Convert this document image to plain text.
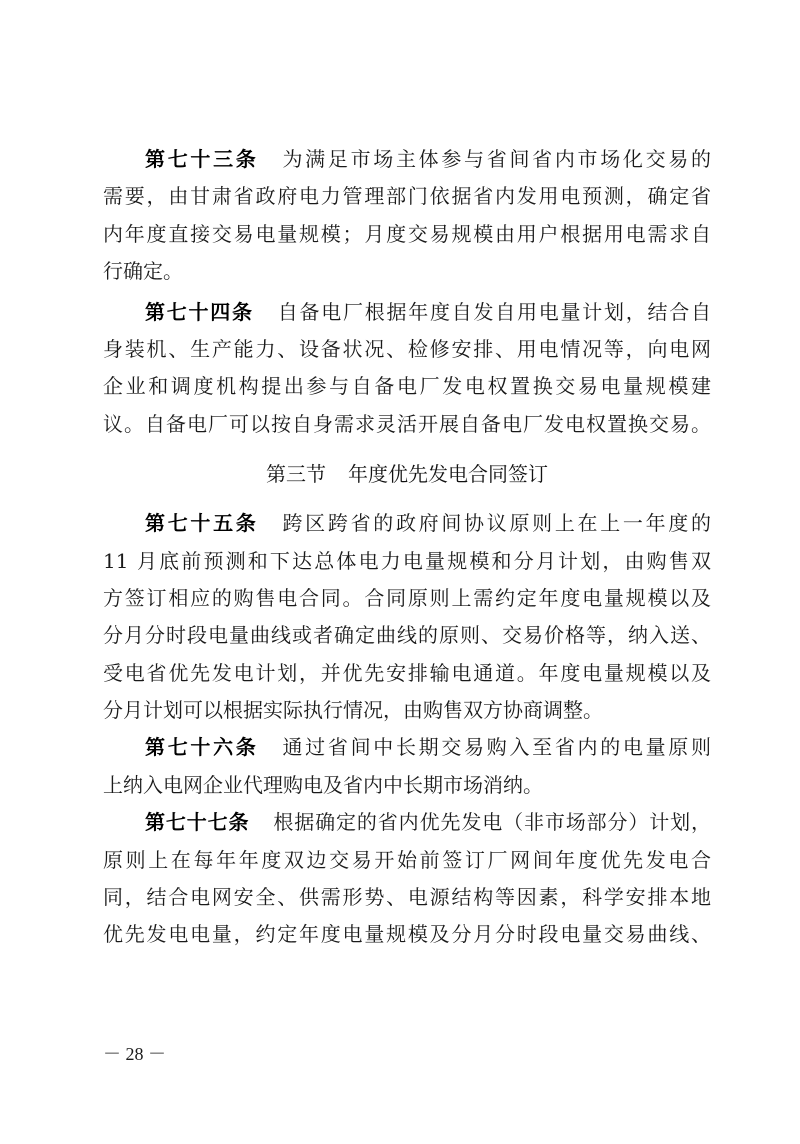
第七十三条 为满足市场主体参与省间省内市场化交易的
需要，由甘肃省政府电力管理部门依据省内发用电预测，确定省
内年度直接交易电量规模；月度交易规模由用户根据用电需求自
行确定。
第七十四条 自备电厂根据年度自发自用电量计划，结合自
身装机、生产能力、设备状况、检修安排、用电情况等，向电网
企业和调度机构提出参与自备电厂发电权置换交易电量规模建
议。自备电厂可以按自身需求灵活开展自备电厂发电权置换交易。
第三节 年度优先发电合同签订
第七十五条 跨区跨省的政府间协议原则上在上一年度的
11 月底前预测和下达总体电力电量规模和分月计划，由购售双
方签订相应的购售电合同。合同原则上需约定年度电量规模以及
分月分时段电量曲线或者确定曲线的原则、交易价格等，纳入送、
受电省优先发电计划，并优先安排输电通道。年度电量规模以及
分月计划可以根据实际执行情况，由购售双方协商调整。
第七十六条 通过省间中长期交易购入至省内的电量原则
上纳入电网企业代理购电及省内中长期市场消纳。
第七十七条 根据确定的省内优先发电（非市场部分）计划，
原则上在每年年度双边交易开始前签订厂网间年度优先发电合
同，结合电网安全、供需形势、电源结构等因素，科学安排本地
优先发电电量，约定年度电量规模及分月分时段电量交易曲线、
－ 28 －
